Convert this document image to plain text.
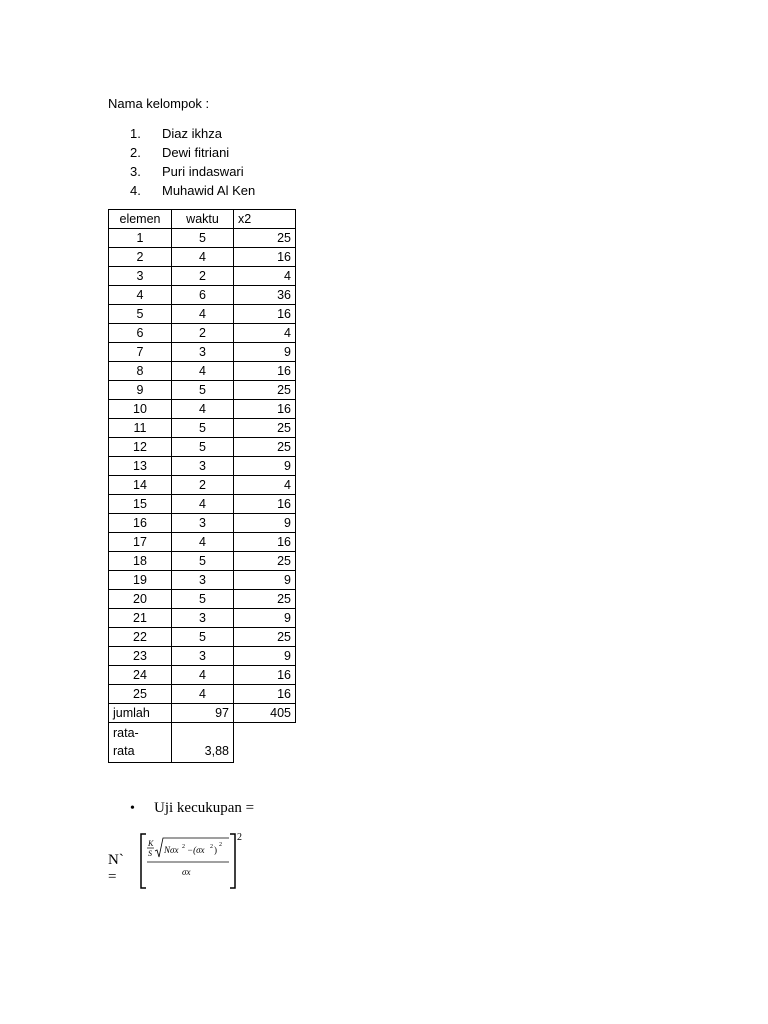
Nama kelompok :
1.	Diaz ikhza
2.	Dewi fitriani
3.	Puri indaswari
4.	Muhawid Al Ken
elemen	waktu	x2
1	5	25
2	4	16
3	2	4
4	6	36
5	4	16
6	2	4
7	3	9
8	4	16
9	5	25
10	4	16
11	5	25
12	5	25
13	3	9
14	2	4
15	4	16
16	3	9
17	4	16
18	5	25
19	3	9
20	5	25
21	3	9
22	5	25
23	3	9
24	4	16
25	4	16
jumlah	97	405
rata-
rata	3,88	
•	Uji kecukupan =
N` =
K
S Nσx 2 −(σx 2 ) 2
σx
2
